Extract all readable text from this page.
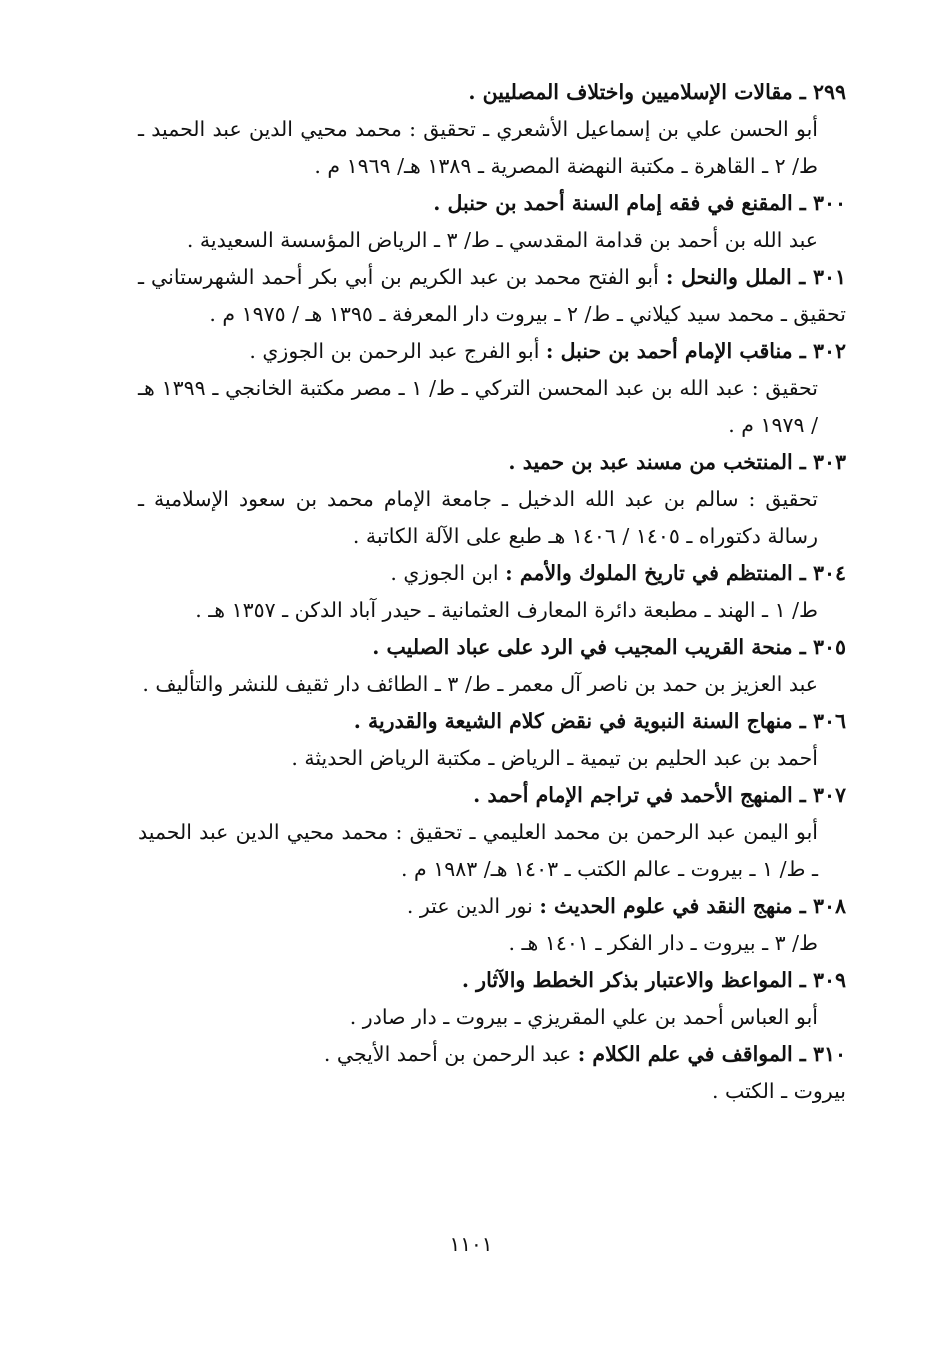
٢٩٩ ـ مقالات الإسلاميين واختلاف المصليين .

أبو الحسن علي بن إسماعيل الأشعري ـ تحقيق : محمد محيي الدين عبد الحميد ـ ط/ ٢ ـ القاهرة ـ مكتبة النهضة المصرية ـ ١٣٨٩ هـ/ ١٩٦٩ م .

٣٠٠ ـ المقنع في فقه إمام السنة أحمد بن حنبل .

عبد الله بن أحمد بن قدامة المقدسي ـ ط/ ٣ ـ الرياض المؤسسة السعيدية .

٣٠١ ـ الملل والنحل : أبو الفتح محمد بن عبد الكريم بن أبي بكر أحمد الشهرستاني ـ تحقيق ـ محمد سيد كيلاني ـ ط/ ٢ ـ بيروت دار المعرفة ـ ١٣٩٥ هـ / ١٩٧٥ م .

٣٠٢ ـ مناقب الإمام أحمد بن حنبل : أبو الفرج عبد الرحمن بن الجوزي .

تحقيق : عبد الله بن عبد المحسن التركي ـ ط/ ١ ـ مصر مكتبة الخانجي ـ ١٣٩٩ هـ / ١٩٧٩ م .

٣٠٣ ـ المنتخب من مسند عبد بن حميد .

تحقيق : سالم بن عبد الله الدخيل ـ جامعة الإمام محمد بن سعود الإسلامية ـ رسالة دكتوراه ـ ١٤٠٥ / ١٤٠٦ هـ طبع على الآلة الكاتبة .

٣٠٤ ـ المنتظم في تاريخ الملوك والأمم : ابن الجوزي .

ط/ ١ ـ الهند ـ مطبعة دائرة المعارف العثمانية ـ حيدر آباد الدكن ـ ١٣٥٧ هـ .

٣٠٥ ـ منحة القريب المجيب في الرد على عباد الصليب .

عبد العزيز بن حمد بن ناصر آل معمر ـ ط/ ٣ ـ الطائف دار ثقيف للنشر والتأليف .

٣٠٦ ـ منهاج السنة النبوية في نقض كلام الشيعة والقدرية .

أحمد بن عبد الحليم بن تيمية ـ الرياض ـ مكتبة الرياض الحديثة .

٣٠٧ ـ المنهج الأحمد في تراجم الإمام أحمد .

أبو اليمن عبد الرحمن بن محمد العليمي ـ تحقيق : محمد محيي الدين عبد الحميد ـ ط/ ١ ـ بيروت ـ عالم الكتب ـ ١٤٠٣ هـ/ ١٩٨٣ م .

٣٠٨ ـ منهج النقد في علوم الحديث : نور الدين عتر .

ط/ ٣ ـ بيروت ـ دار الفكر ـ ١٤٠١ هـ .

٣٠٩ ـ المواعظ والاعتبار بذكر الخطط والآثار .

أبو العباس أحمد بن علي المقريزي ـ بيروت ـ دار صادر .

٣١٠ ـ المواقف في علم الكلام : عبد الرحمن بن أحمد الأيجي .

بيروت ـ الكتب .

١١٠١
